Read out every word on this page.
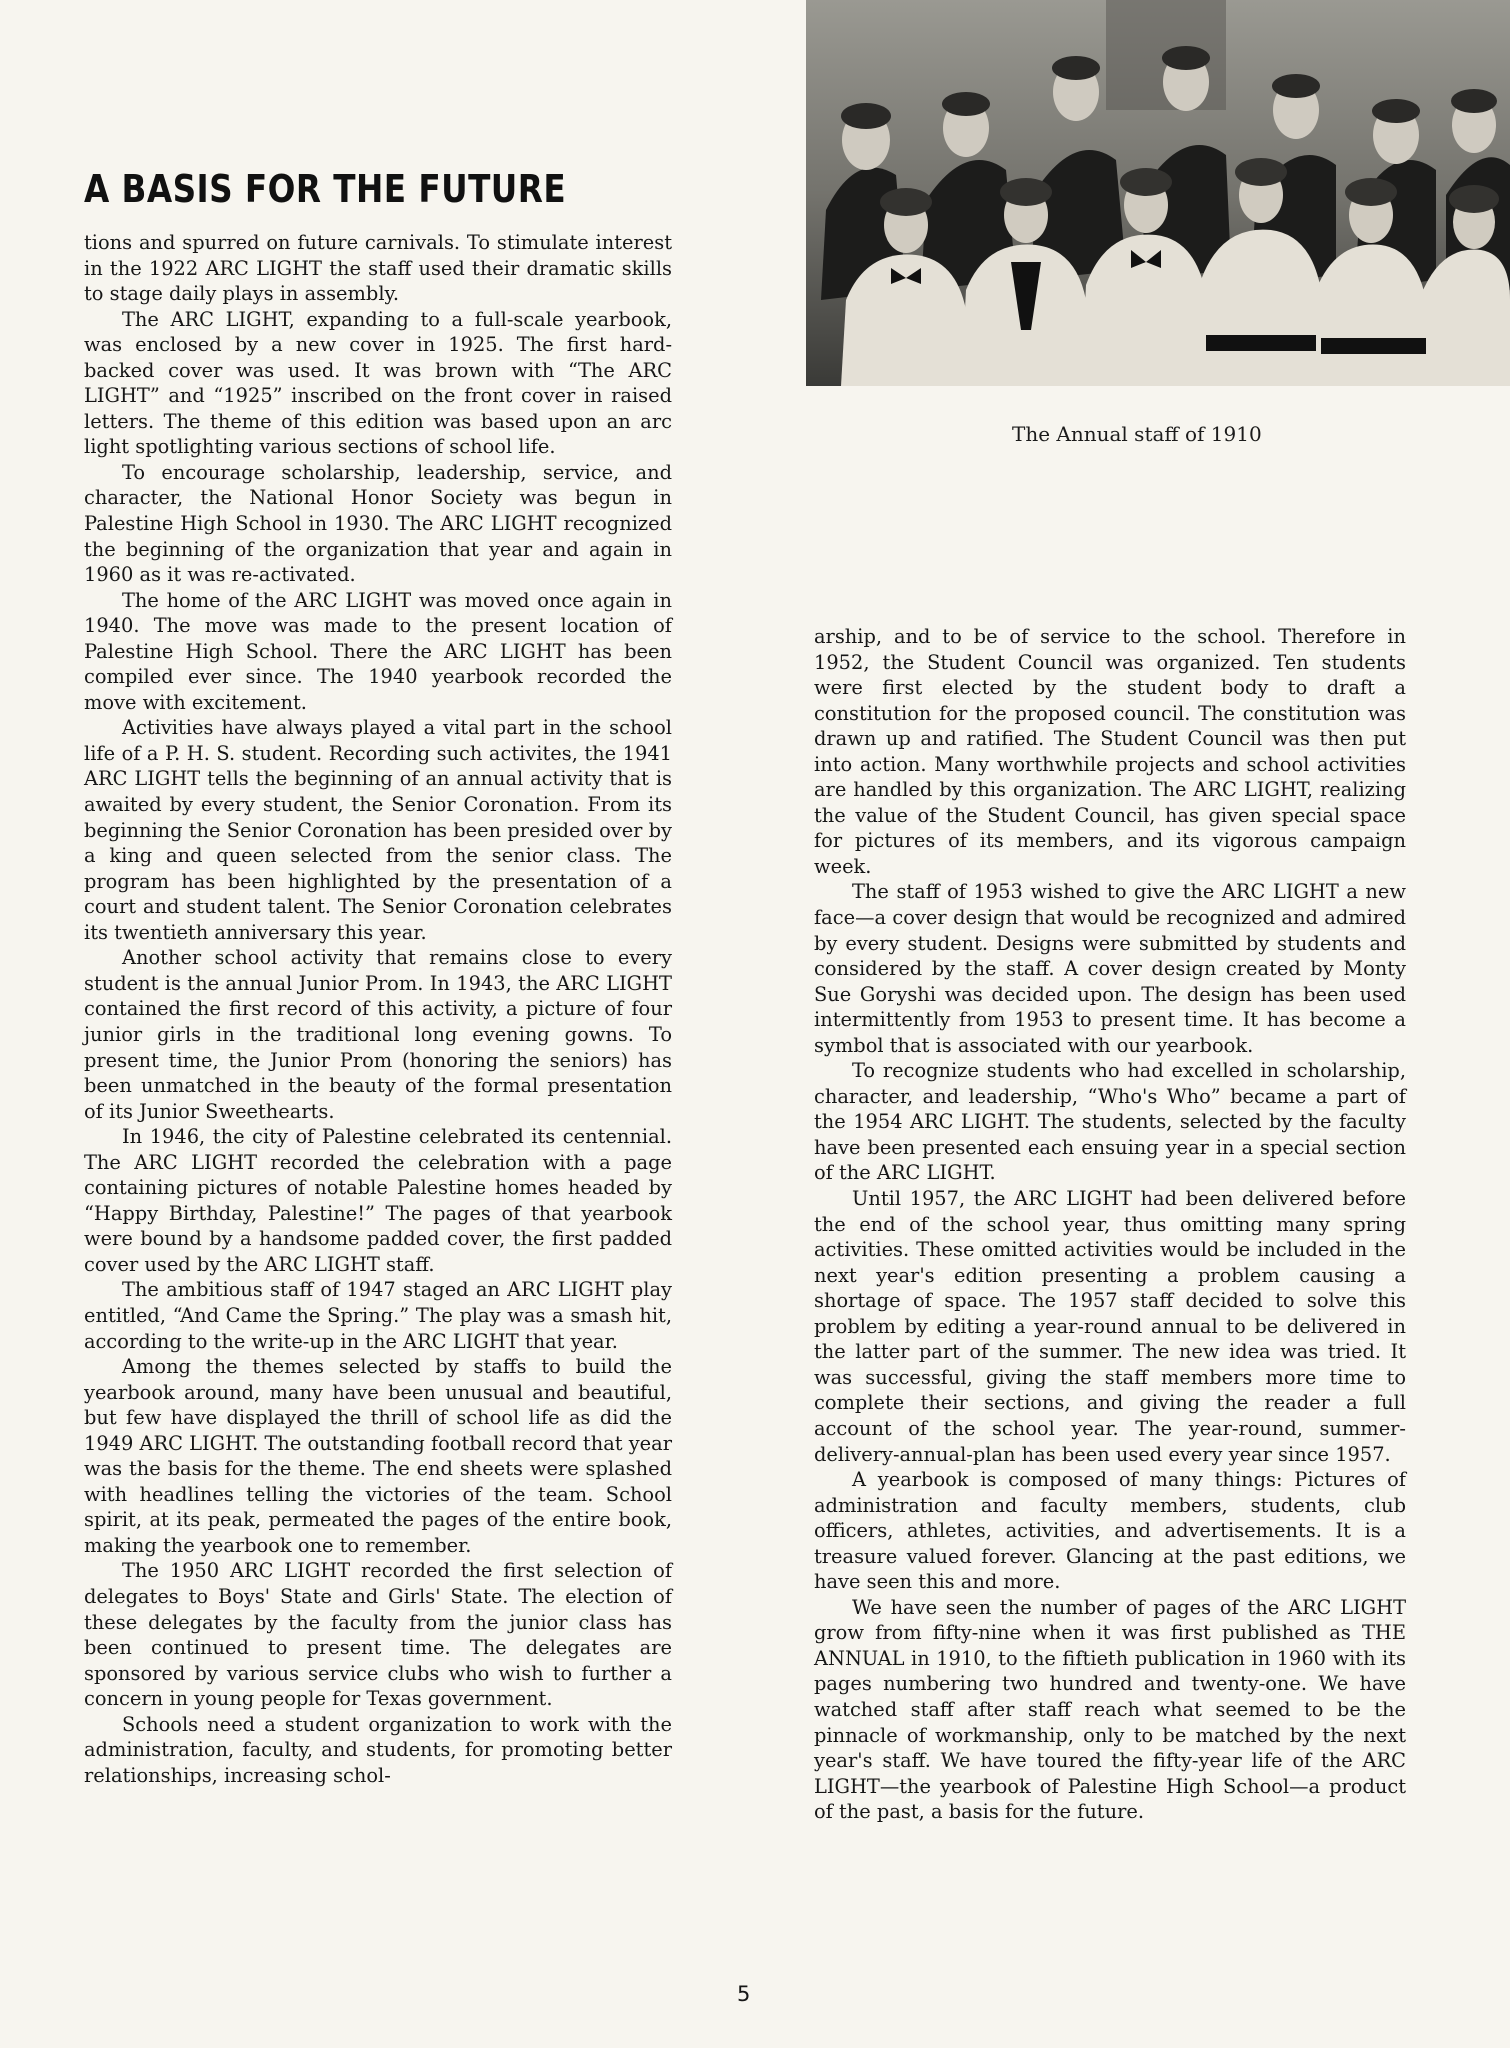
A BASIS FOR THE FUTURE

tions and spurred on future carnivals. To stimulate interest in the 1922 ARC LIGHT the staff used their dramatic skills to stage daily plays in assembly.

The ARC LIGHT, expanding to a full-scale yearbook, was enclosed by a new cover in 1925. The first hard-backed cover was used. It was brown with “The ARC LIGHT” and “1925” inscribed on the front cover in raised letters. The theme of this edition was based upon an arc light spotlighting various sections of school life.

To encourage scholarship, leadership, service, and character, the National Honor Society was begun in Palestine High School in 1930. The ARC LIGHT recognized the beginning of the organization that year and again in 1960 as it was re-activated.

The home of the ARC LIGHT was moved once again in 1940. The move was made to the present location of Palestine High School. There the ARC LIGHT has been compiled ever since. The 1940 yearbook recorded the move with excitement.

Activities have always played a vital part in the school life of a P. H. S. student. Recording such activites, the 1941 ARC LIGHT tells the beginning of an annual activity that is awaited by every student, the Senior Coronation. From its beginning the Senior Coronation has been presided over by a king and queen selected from the senior class. The program has been highlighted by the presentation of a court and student talent. The Senior Coronation celebrates its twentieth anniversary this year.

Another school activity that remains close to every student is the annual Junior Prom. In 1943, the ARC LIGHT contained the first record of this activity, a picture of four junior girls in the traditional long evening gowns. To present time, the Junior Prom (honoring the seniors) has been unmatched in the beauty of the formal presentation of its Junior Sweethearts.

In 1946, the city of Palestine celebrated its centennial. The ARC LIGHT recorded the celebration with a page containing pictures of notable Palestine homes headed by “Happy Birthday, Palestine!” The pages of that yearbook were bound by a handsome padded cover, the first padded cover used by the ARC LIGHT staff.

The ambitious staff of 1947 staged an ARC LIGHT play entitled, “And Came the Spring.” The play was a smash hit, according to the write-up in the ARC LIGHT that year.

Among the themes selected by staffs to build the yearbook around, many have been unusual and beautiful, but few have displayed the thrill of school life as did the 1949 ARC LIGHT. The outstanding football record that year was the basis for the theme. The end sheets were splashed with headlines telling the victories of the team. School spirit, at its peak, permeated the pages of the entire book, making the yearbook one to remember.

The 1950 ARC LIGHT recorded the first selection of delegates to Boys' State and Girls' State. The election of these delegates by the faculty from the junior class has been continued to present time. The delegates are sponsored by various service clubs who wish to further a concern in young people for Texas government.

Schools need a student organization to work with the administration, faculty, and students, for promoting better relationships, increasing schol-

The Annual staff of 1910

arship, and to be of service to the school. Therefore in 1952, the Student Council was organized. Ten students were first elected by the student body to draft a constitution for the proposed council. The constitution was drawn up and ratified. The Student Council was then put into action. Many worthwhile projects and school activities are handled by this organization. The ARC LIGHT, realizing the value of the Student Council, has given special space for pictures of its members, and its vigorous campaign week.

The staff of 1953 wished to give the ARC LIGHT a new face—a cover design that would be recognized and admired by every student. Designs were submitted by students and considered by the staff. A cover design created by Monty Sue Goryshi was decided upon. The design has been used intermittently from 1953 to present time. It has become a symbol that is associated with our yearbook.

To recognize students who had excelled in scholarship, character, and leadership, “Who's Who” became a part of the 1954 ARC LIGHT. The students, selected by the faculty have been presented each ensuing year in a special section of the ARC LIGHT.

Until 1957, the ARC LIGHT had been delivered before the end of the school year, thus omitting many spring activities. These omitted activities would be included in the next year's edition presenting a problem causing a shortage of space. The 1957 staff decided to solve this problem by editing a year-round annual to be delivered in the latter part of the summer. The new idea was tried. It was successful, giving the staff members more time to complete their sections, and giving the reader a full account of the school year. The year-round, summer-delivery-annual-plan has been used every year since 1957.

A yearbook is composed of many things: Pictures of administration and faculty members, students, club officers, athletes, activities, and advertisements. It is a treasure valued forever. Glancing at the past editions, we have seen this and more.

We have seen the number of pages of the ARC LIGHT grow from fifty-nine when it was first published as THE ANNUAL in 1910, to the fiftieth publication in 1960 with its pages numbering two hundred and twenty-one. We have watched staff after staff reach what seemed to be the pinnacle of workmanship, only to be matched by the next year's staff. We have toured the fifty-year life of the ARC LIGHT—the yearbook of Palestine High School—a product of the past, a basis for the future.

5
